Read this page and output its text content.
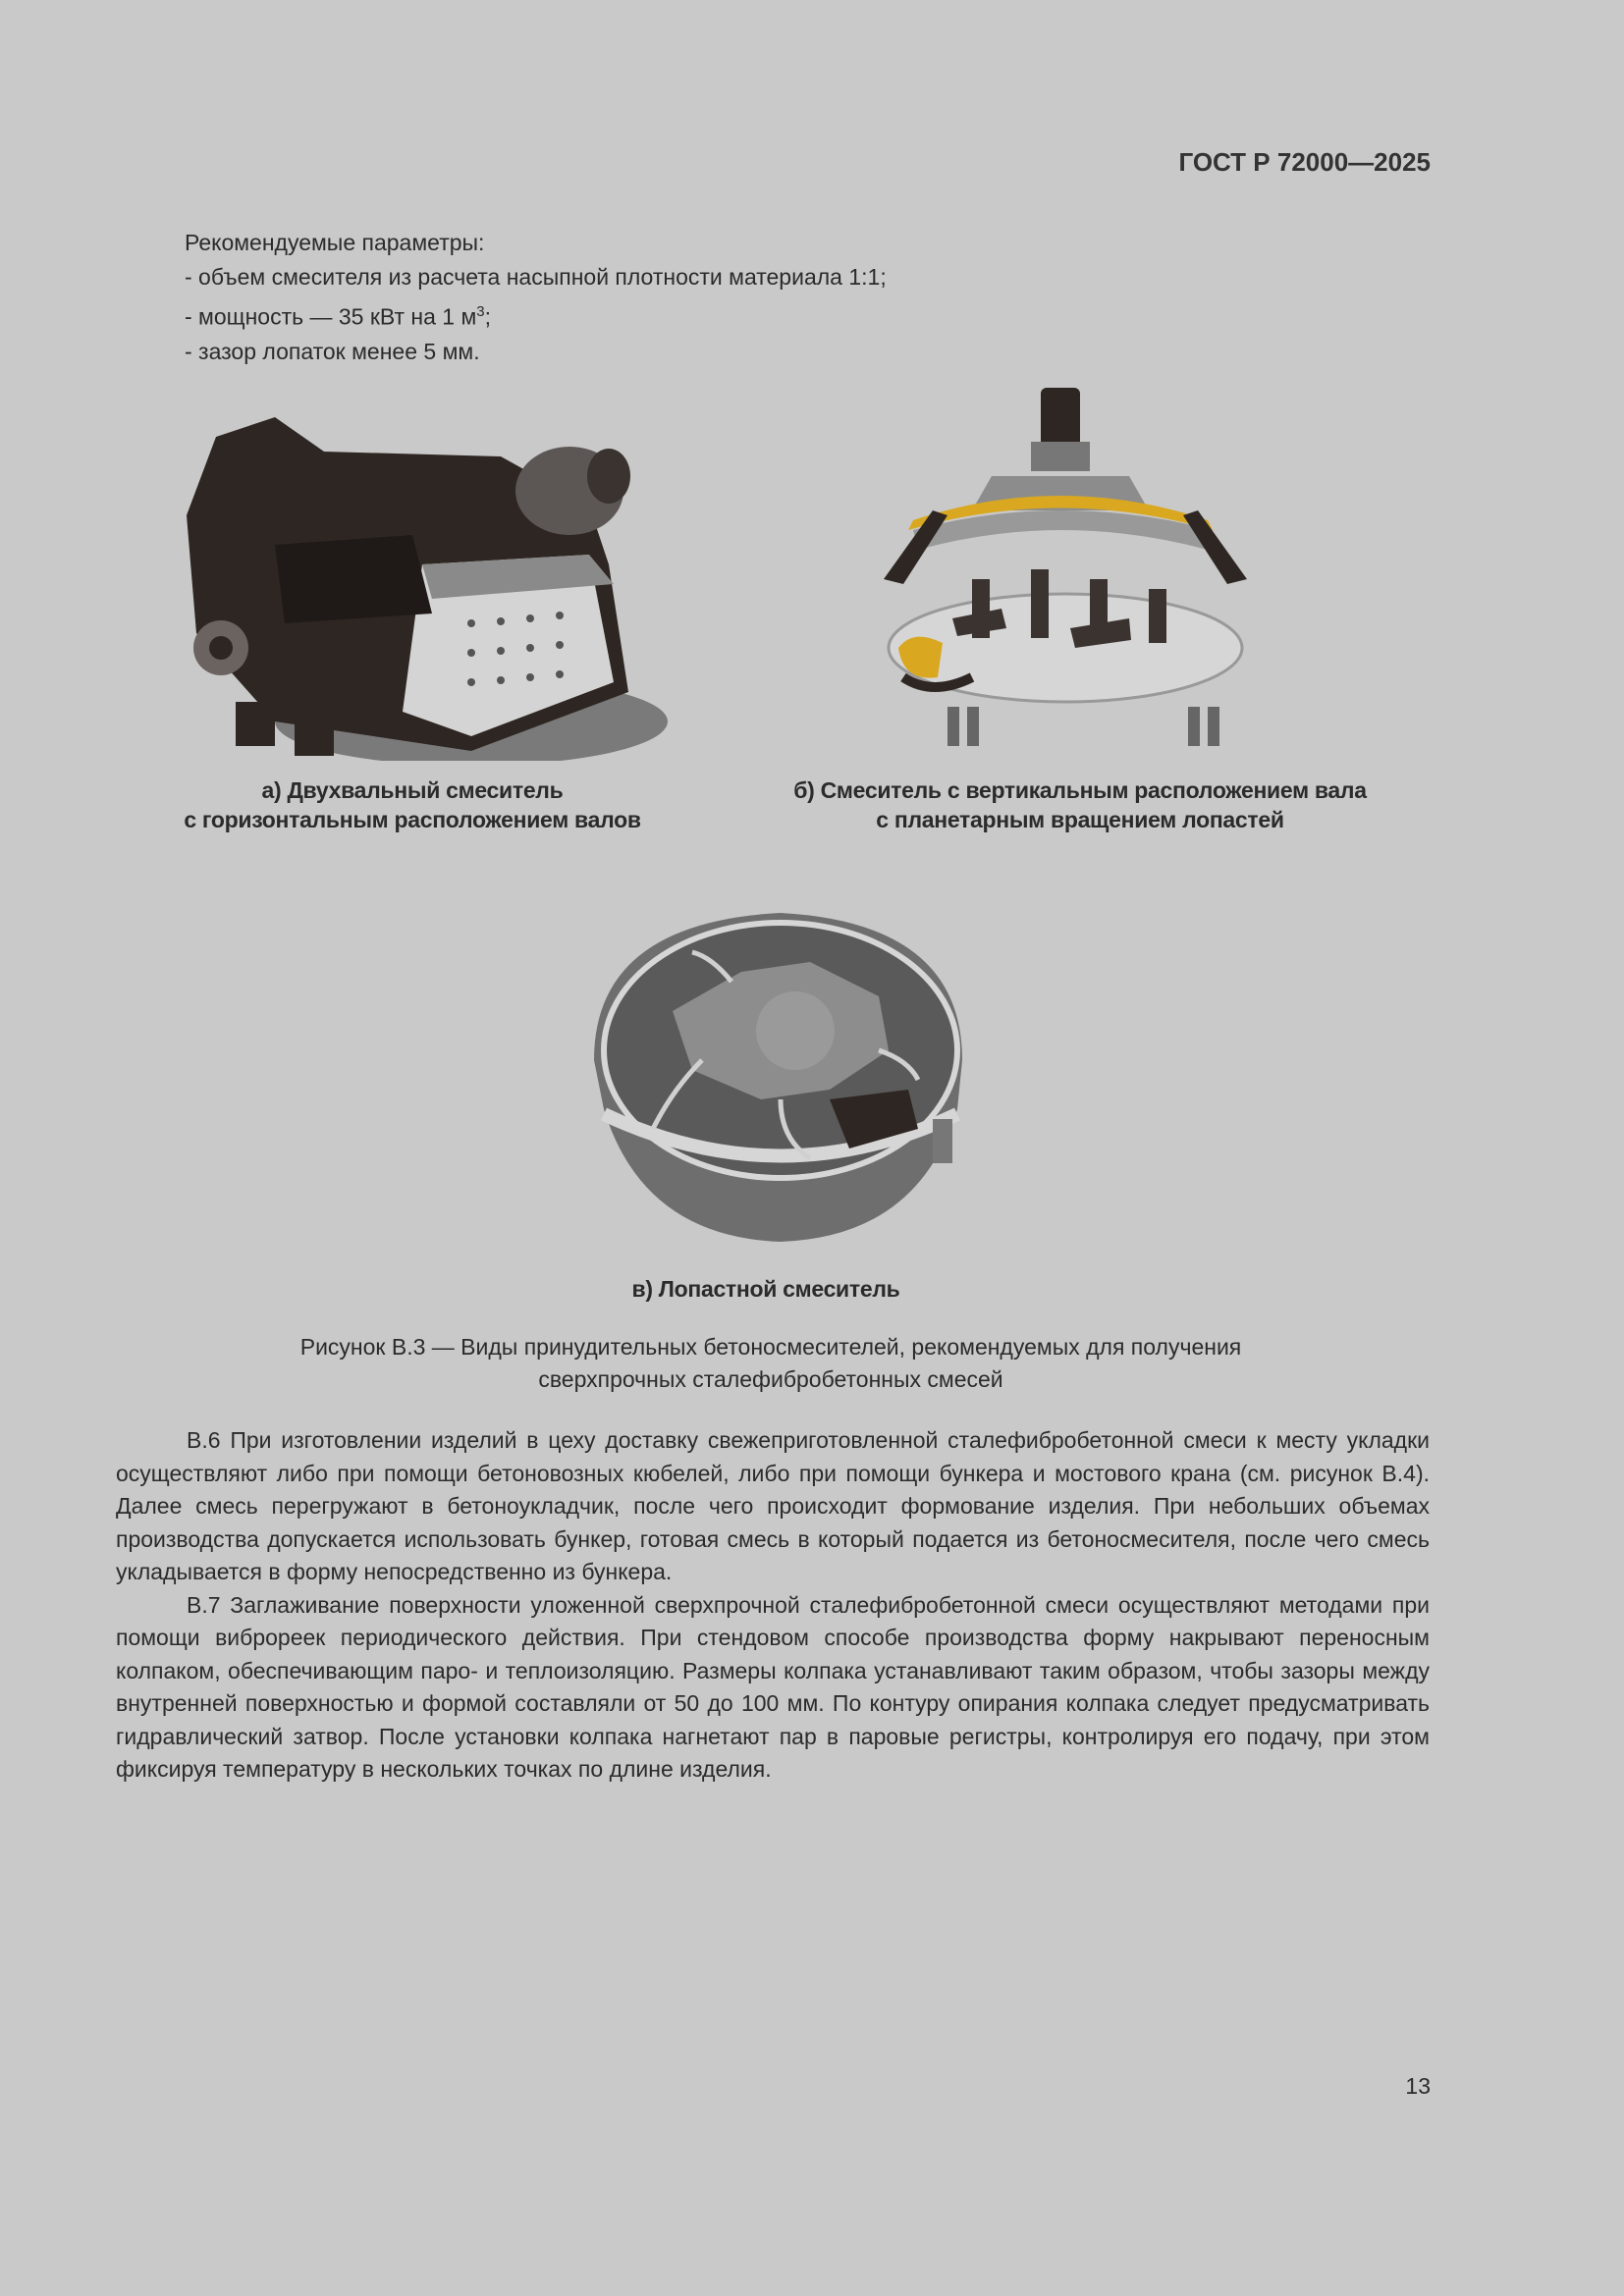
ГОСТ Р 72000—2025
Рекомендуемые параметры:
- объем смесителя из расчета насыпной плотности материала 1:1;
- мощность — 35 кВт на 1 $м^3$;
- зазор лопаток менее 5 мм.
а) Двухвальный смеситель
с горизонтальным расположением валов
б) Смеситель с вертикальным расположением вала
с планетарным вращением лопастей
в) Лопастной смеситель
Рисунок В.3 — Виды принудительных бетоносмесителей, рекомендуемых для получения
сверхпрочных сталефибробетонных смесей

В.6 При изготовлении изделий в цеху доставку свежеприготовленной сталефибробетонной смеси к месту укладки осуществляют либо при помощи бетоновозных кюбелей, либо при помощи бункера и мостового крана (см. рисунок В.4). Далее смесь перегружают в бетоноукладчик, после чего происходит формование изделия. При небольших объемах производства допускается использовать бункер, готовая смесь в который подается из бетоносмесителя, после чего смесь укладывается в форму непосредственно из бункера.

В.7 Заглаживание поверхности уложенной сверхпрочной сталефибробетонной смеси осуществляют методами при помощи виброреек периодического действия. При стендовом способе производства форму накрывают переносным колпаком, обеспечивающим паро- и теплоизоляцию. Размеры колпака устанавливают таким образом, чтобы зазоры между внутренней поверхностью и формой составляли от 50 до 100 мм. По контуру опирания колпака следует предусматривать гидравлический затвор. После установки колпака нагнетают пар в паровые регистры, контролируя его подачу, при этом фиксируя температуру в нескольких точках по длине изделия.

13
